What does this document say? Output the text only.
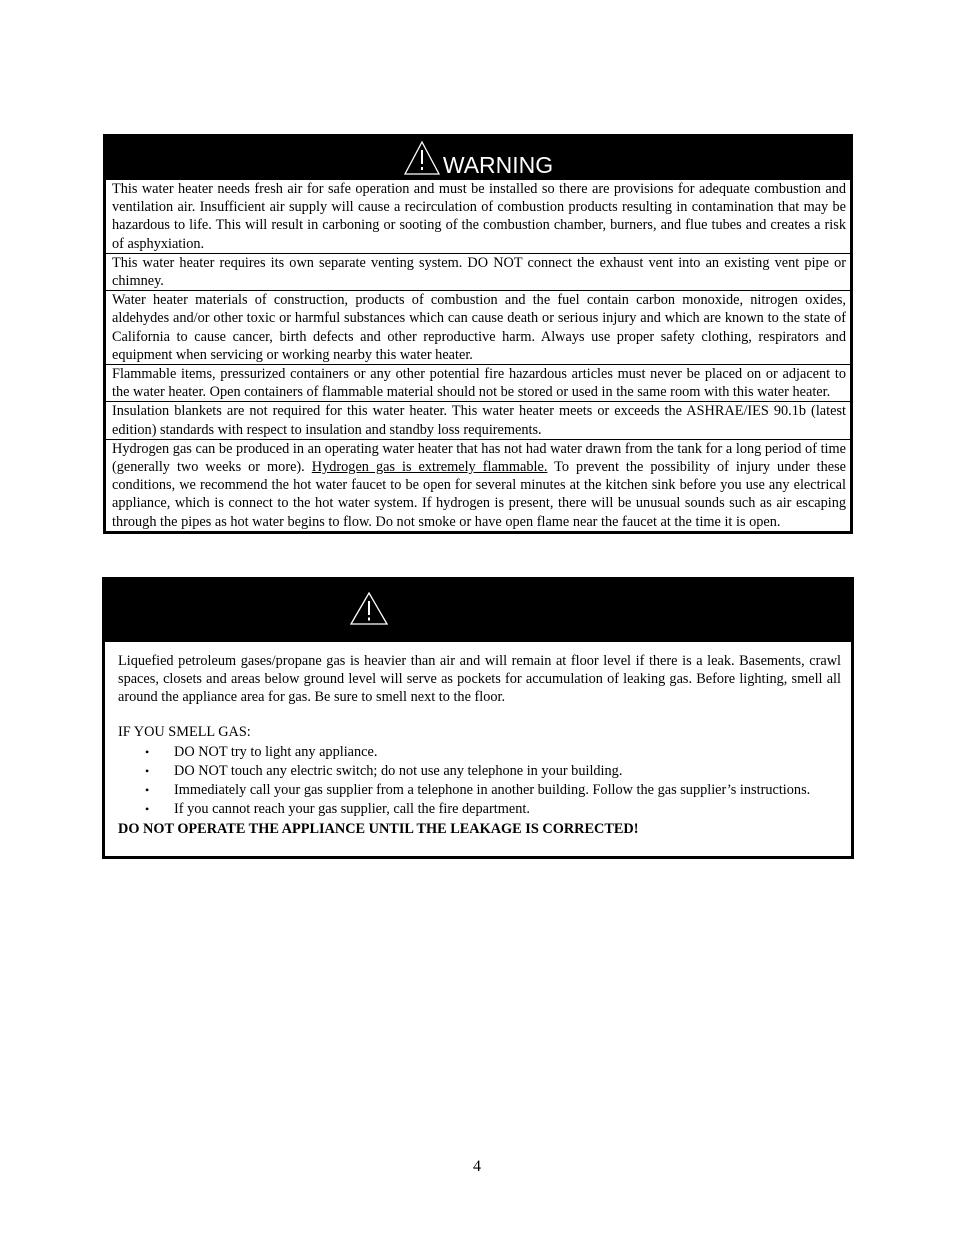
WARNING
This water heater needs fresh air for safe operation and must be installed so there are provisions for adequate combustion and ventilation air. Insufficient air supply will cause a recirculation of combustion products resulting in contamination that may be hazardous to life. This will result in carboning or sooting of the combustion chamber, burners, and flue tubes and creates a risk of asphyxiation.
This water heater requires its own separate venting system. DO NOT connect the exhaust vent into an existing vent pipe or chimney.
Water heater materials of construction, products of combustion and the fuel contain carbon monoxide, nitrogen oxides, aldehydes and/or other toxic or harmful substances which can cause death or serious injury and which are known to the state of California to cause cancer, birth defects and other reproductive harm. Always use proper safety clothing, respirators and equipment when servicing or working nearby this water heater.
Flammable items, pressurized containers or any other potential fire hazardous articles must never be placed on or adjacent to the water heater. Open containers of flammable material should not be stored or used in the same room with this water heater.
Insulation blankets are not required for this water heater. This water heater meets or exceeds the ASHRAE/IES 90.1b (latest edition) standards with respect to insulation and standby loss requirements.
Hydrogen gas can be produced in an operating water heater that has not had water drawn from the tank for a long period of time (generally two weeks or more). Hydrogen gas is extremely flammable. To prevent the possibility of injury under these conditions, we recommend the hot water faucet to be open for several minutes at the kitchen sink before you use any electrical appliance, which is connect to the hot water system. If hydrogen is present, there will be unusual sounds such as air escaping through the pipes as hot water begins to flow. Do not smoke or have open flame near the faucet at the time it is open.

Liquefied petroleum gases/propane gas is heavier than air and will remain at floor level if there is a leak. Basements, crawl spaces, closets and areas below ground level will serve as pockets for accumulation of leaking gas. Before lighting, smell all around the appliance area for gas. Be sure to smell next to the floor.

IF YOU SMELL GAS:

• DO NOT try to light any appliance.
• DO NOT touch any electric switch; do not use any telephone in your building.
• Immediately call your gas supplier from a telephone in another building. Follow the gas supplier’s instructions.
• If you cannot reach your gas supplier, call the fire department.

DO NOT OPERATE THE APPLIANCE UNTIL THE LEAKAGE IS CORRECTED!

4
